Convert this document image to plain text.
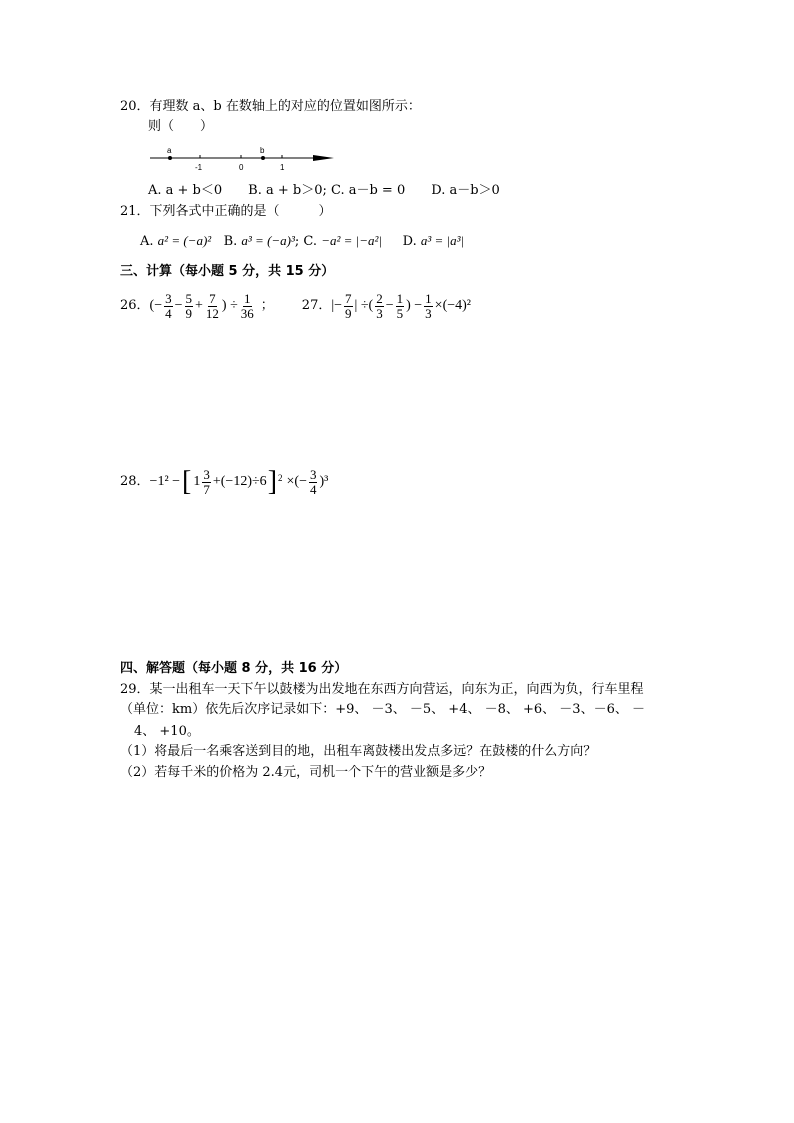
20．有理数 a、b 在数轴上的对应的位置如图所示：
则（　　）
a	b
-1	0	1
A. a + b＜0　　B. a + b＞0; C. a－b = 0　　D. a－b＞0
21．下列各式中正确的是（　　　）
A. a² = (−a)² B. a³ = (−a)³; C. −a² = |−a²| D. a³ = |a³|
三、计算（每小题 5 分，共 15 分）
26． (− $\frac{3}{4} - \frac{5}{9} + \frac{7}{12}$ ) ÷ $\frac{1}{36}$ ； 27． |− $\frac{7}{9}$ | ÷( $\frac{2}{3} - \frac{1}{5}$ ) − $\frac{1}{3} \times(-4)^2$
28． −1² − [ $1 \frac{3}{7} +(-12)\div 6$ ]$^2$ ×(− $\frac{3}{4} )^3$
四、解答题（每小题 8 分，共 16 分）
29．某一出租车一天下午以鼓楼为出发地在东西方向营运，向东为正，向西为负，行车里程
（单位：km）依先后次序记录如下：+9、 －3、 －5、 +4、 －8、 +6、 －3、－6、 －
4、 +10。
（1）将最后一名乘客送到目的地，出租车离鼓楼出发点多远？在鼓楼的什么方向？
（2）若每千米的价格为 2.4元，司机一个下午的营业额是多少？
